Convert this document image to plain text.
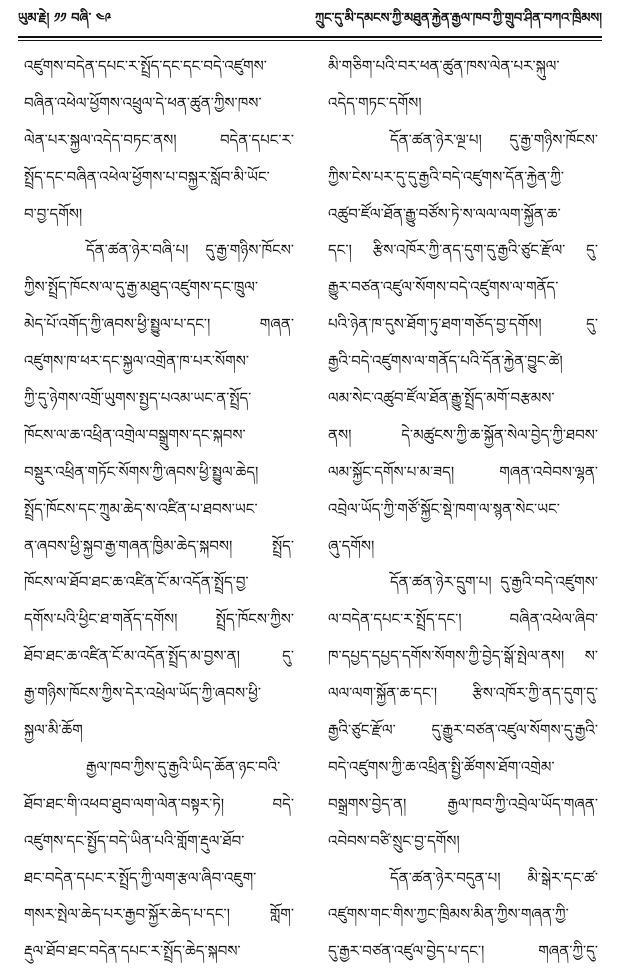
ཡུམ་རྗེ། ༡༡ བཞི་ ༤༩	ཀྲུང་དུ་མི་དམངས་ཀྱི་མཐུན་རྐྱེན་རྒྱལ་ཁབ་ཀྱི་གྲུབ་ཤིན་བཀའ་ཁྲིམས།
འཛུགས་བདེན་དཔང་ར་སྤྲོད་དང་དང་བདེ་འཛུགས་
བཞིན་འཕེལ་ཕྱོགས་འཕྲུལ་དེ་ཕན་ཚུན་ཀྱིས་ཁས་
ལེན་པར་སྐྱལ་འདེད་བཏང་ནས། བདེན་དཔང་ར་
སྤྲོད་དང་བཞིན་འཕེལ་ཕྱོགས་པ་བསྐྱར་སློབ་མི་ཡོང་
བ་བྱ་དགོས།
དོན་ཚན་ཉེར་བཞི་པ། དུ་རྒྱ་གཉིས་ཁོངས་
ཀྱིས་སྤྲོད་ཁོངས་ལ་དུ་རྒྱ་མཐུད་འཛུགས་དང་ཁྲུལ་
མེད་པོ་འགོད་ཀྱི་ཞབས་ཕྱི་སྤྱུལ་པ་དང་། གཞན་
འཛུགས་ཁ་ཕར་དང་སྐྱལ་འགྲེན་ཁ་པར་སོགས་
ཀྱི་དུ་ཉེགས་འགྲོ་ཡུགས་སྤྱད་པའམ་ཡང་ན་སྤྲོད་
ཁོངས་ལ་ཆ་འཕྲིན་འགྲེལ་བསྒྲུགས་དང་སྐབས་
བསྡུར་འཕྲིན་གཏོང་སོགས་ཀྱི་ཞབས་ཕྱི་སྤྱུལ་ཆེད།
སྤྲོད་ཁོངས་དང་ཀྲུམ་ཆེད་ས་འཛིན་པ་ཐབས་ཡང་
ན་ཞབས་ཕྱི་སྐྱབ་རྒྱ་གཞན་ཁྱིམ་ཆེད་སྐབས། སྤྲོད་
ཁོངས་ལ་ཐོབ་ཐང་ཆ་འཛིན་ངོ་མ་འདོན་སྤྲོད་བྱ་
དགོས་པའི་ཕྱིང་ཐ་གནོད་དགོས། སྤྲོད་ཁོངས་ཀྱིས་
ཐོབ་ཐང་ཆ་འཛིན་ངོ་མ་འདོན་སྤྲོད་མ་བྱས་ན། དུ་
རྒྱ་གཉིས་ཁོངས་ཀྱིས་དེར་འཕྲེལ་ཡོད་ཀྱི་ཞབས་ཕྱི་
སྐྱལ་མི་ཆོག
རྒྱལ་ཁབ་ཀྱིས་དུ་རྒྱའི་ཡིད་ཆོན་ཉང་བའི་
ཐོབ་ཐང་གི་འཕབ་ཐུབ་ལག་ལེན་བསྟར་ཏེ། བདེ་
འཛུགས་དང་སྤྱོད་བདེ་ཡིན་པའི་གློག་རྡུལ་ཐོབ་
ཐང་བདེན་དཔང་ར་སྤྲོད་ཀྱི་ལག་རྩལ་ཞིབ་འཇུག་
གསར་སྤེལ་ཆེད་པར་རྒྱབ་སྐྱོར་ཆེད་པ་དང་། གློག་
རྡུལ་ཐོབ་ཐང་བདེན་དཔང་ར་སྤྲོད་ཆེད་སྐབས་
མི་གཅིག་པའི་བར་ཕན་ཚུན་ཁས་ལེན་པར་སྐུལ་
འདེད་གཏང་དགོས།
དོན་ཚན་ཉེར་ལྔ་པ། དུ་རྒྱ་གཉིས་ཁོངས་
ཀྱིས་ངེས་པར་དུ་དུ་རྒྱའི་བདེ་འཛུགས་དོན་རྐྱེན་ཀྱི་
འཚུབ་ཛོལ་ཐོན་རྒྱུ་བཙོས་ཏེ་ས་ལལ་ལག་སྐྱོན་ཆ་
དང་། རྩིས་འཁོར་ཀྱི་ནད་དུག་དུ་རྒྱའི་ཙུང་རྫོལ་ དུ་
རྒྱུར་བཙན་འཛུལ་སོགས་བདེ་འཛུགས་ལ་གནོད་
པའི་ཉེན་ཁ་དུས་ཐོག་ཏུ་ཐག་གཅོད་བྱ་དགོས། དུ་
རྒྱའི་བདེ་འཛུགས་ལ་གནོད་པའི་དོན་རྐྱེན་བྱུང་ཚེ།
ལམ་སེང་འཚུབ་ཛོལ་ཐོན་རྒྱུ་སྤྲོད་མགོ་བརྩམས་
ནས། དེ་མཚུངས་ཀྱི་ཆ་སྐྱོན་སེལ་བྱེད་ཀྱི་ཐབས་
ལམ་སྐྱོང་དགོས་པ་མ་ཟད། གཞན་འབེབས་ལྷན་
འབྲེལ་ཡོད་ཀྱི་གཙོ་སྐྱོང་སྡེ་ཁག་ལ་སྙན་སེང་ཡང་
ཞུ་དགོས།
དོན་ཚན་ཉེར་དྲུག་པ། དུ་རྒྱའི་བདེ་འཛུགས་
ལ་བདེན་དཔང་ར་སྤྲོད་དང་། བཞིན་འཕེལ་ཞིབ་
ཁ་དཔྱད་དཔྱད་དགོས་སོགས་ཀྱི་བྱེད་སྒོ་སྤེལ་ནས། ས་
ལལ་ལག་སྐྱོན་ཆ་དང་། རྩིས་འཁོར་ཀྱི་ནད་དུག་དུ་
རྒྱའི་ཙུང་རྫོལ་ དུ་རྒྱུར་བཙན་འཛུལ་སོགས་དུ་རྒྱའི་
བདེ་འཛུགས་ཀྱི་ཆ་འཕྲིན་སྤྱི་ཚོགས་ཐོག་འགྲེམ་
བསྒྲགས་བྱེད་ན། རྒྱལ་ཁབ་ཀྱི་འབྲེལ་ཡོད་གཞན་
འབེབས་བཙི་སྲུང་བྱ་དགོས།
དོན་ཚན་ཉེར་བདུན་པ། མི་སྒེར་དང་ཚ་
འཛུགས་གང་གིས་ཀྱང་ཁྲིམས་མིན་ཀྱིས་གཞན་ཀྱི་
དུ་རྒྱར་བཙན་འཛུལ་བྱེད་པ་དང་། གཞན་ཀྱི་དུ་
